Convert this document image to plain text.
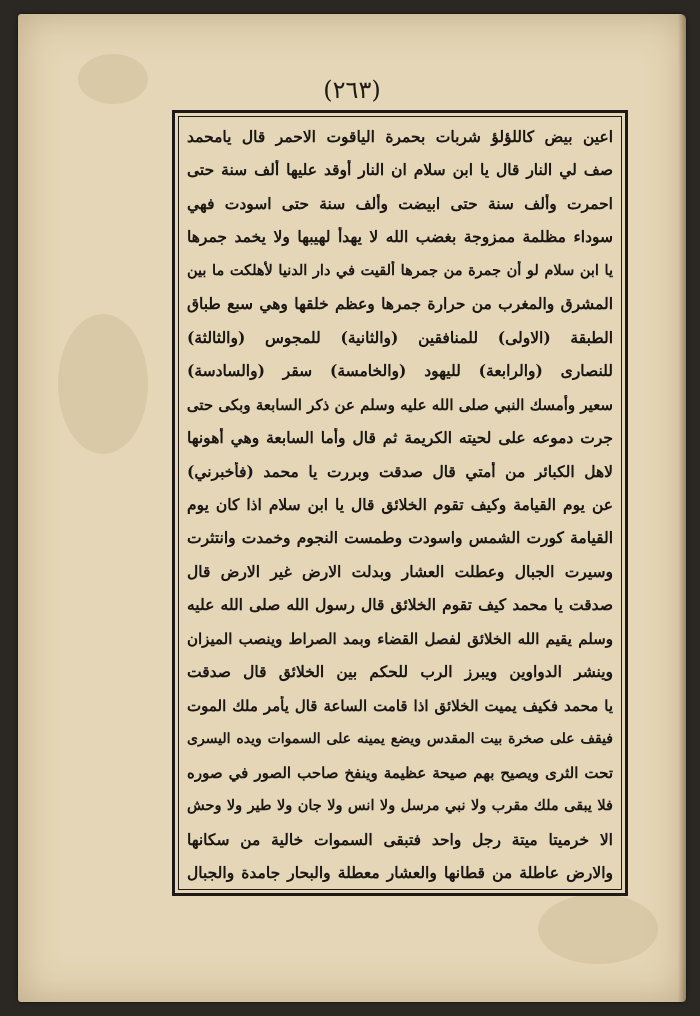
(٢٦٣)
اعين بيض كاللؤلؤ شربات بحمرة الياقوت الاحمر قال يامحمد
صف لي النار قال يا ابن سلام ان النار أوقد عليها ألف سنة حتى
احمرت وألف سنة حتى ابيضت وألف سنة حتى اسودت فهي
سوداء مظلمة ممزوجة بغضب الله لا يهدأ لهيبها ولا يخمد جمرها
يا ابن سلام لو أن جمرة من جمرها ألقيت في دار الدنيا لأهلكت ما بين
المشرق والمغرب من حرارة جمرها وعظم خلقها وهي سبع طباق
الطبقة (الاولى) للمنافقين (والثانية) للمجوس (والثالثة)
للنصارى (والرابعة) لليهود (والخامسة) سقر (والسادسة)
سعير وأمسك النبي صلى الله عليه وسلم عن ذكر السابعة وبكى حتى
جرت دموعه على لحيته الكريمة ثم قال وأما السابعة وهي أهونها
لاهل الكبائر من أمتي قال صدقت وبررت يا محمد (فأخبرني)
عن يوم القيامة وكيف تقوم الخلائق قال يا ابن سلام اذا كان يوم
القيامة كورت الشمس واسودت وطمست النجوم وخمدت وانتثرت
وسيرت الجبال وعطلت العشار وبدلت الارض غير الارض قال
صدقت يا محمد كيف تقوم الخلائق قال رسول الله صلى الله عليه
وسلم يقيم الله الخلائق لفصل القضاء وبمد الصراط وينصب الميزان
وينشر الدواوين ويبرز الرب للحكم بين الخلائق قال صدقت
يا محمد فكيف يميت الخلائق اذا قامت الساعة قال يأمر ملك الموت
فيقف على صخرة بيت المقدس ويضع يمينه على السموات ويده اليسرى
تحت الثرى ويصيح بهم صيحة عظيمة وينفخ صاحب الصور في صوره
فلا يبقى ملك مقرب ولا نبي مرسل ولا انس ولا جان ولا طير ولا وحش
الا خرميتا ميتة رجل واحد فتبقى السموات خالية من سكانها
والارض عاطلة من قطانها والعشار معطلة والبحار جامدة والجبال
